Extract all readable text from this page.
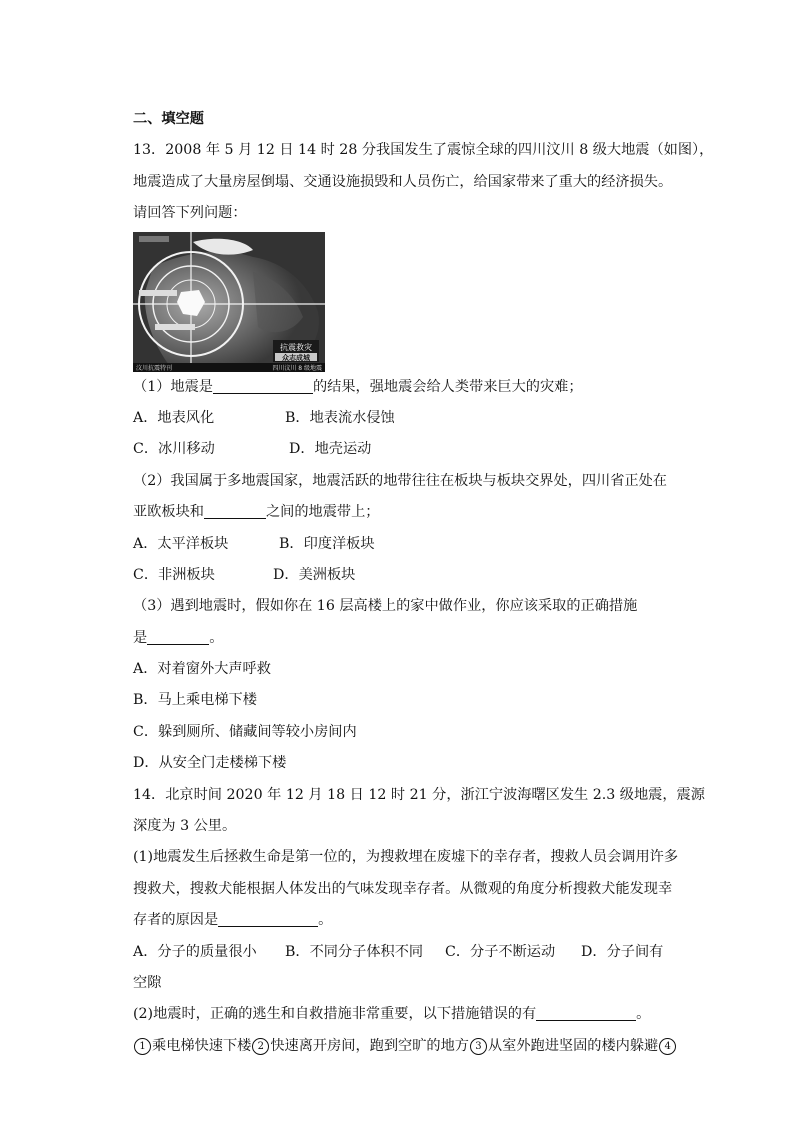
二、填空题
13．2008 年 5 月 12 日 14 时 28 分我国发生了震惊全球的四川汶川 8 级大地震（如图），
地震造成了大量房屋倒塌、交通设施损毁和人员伤亡，给国家带来了重大的经济损失。
请回答下列问题：
抗震救灾
众志成城
汶川抗震特刊	四川汶川 8 级地震
（1）地震是	的结果，强地震会给人类带来巨大的灾难；
A．地表风化	B．地表流水侵蚀
C．冰川移动	D．地壳运动
（2）我国属于多地震国家，地震活跃的地带往往在板块与板块交界处，四川省正处在
亚欧板块和	之间的地震带上；
A．太平洋板块	B．印度洋板块
C．非洲板块	D．美洲板块
（3）遇到地震时，假如你在 16 层高楼上的家中做作业，你应该采取的正确措施
是	。
A．对着窗外大声呼救
B．马上乘电梯下楼
C．躲到厕所、储藏间等较小房间内
D．从安全门走楼梯下楼
14．北京时间 2020 年 12 月 18 日 12 时 21 分，浙江宁波海曙区发生 2.3 级地震，震源
深度为 3 公里。
(1)地震发生后拯救生命是第一位的，为搜救埋在废墟下的幸存者，搜救人员会调用许多
搜救犬，搜救犬能根据人体发出的气味发现幸存者。从微观的角度分析搜救犬能发现幸
存者的原因是	。
A．分子的质量很小 B．不同分子体积不同 C．分子不断运动 D．分子间有
空隙
(2)地震时，正确的逃生和自救措施非常重要，以下措施错误的有	。
1 乘电梯快速下楼 2 快速离开房间，跑到空旷的地方 3 从室外跑进坚固的楼内躲避 4
